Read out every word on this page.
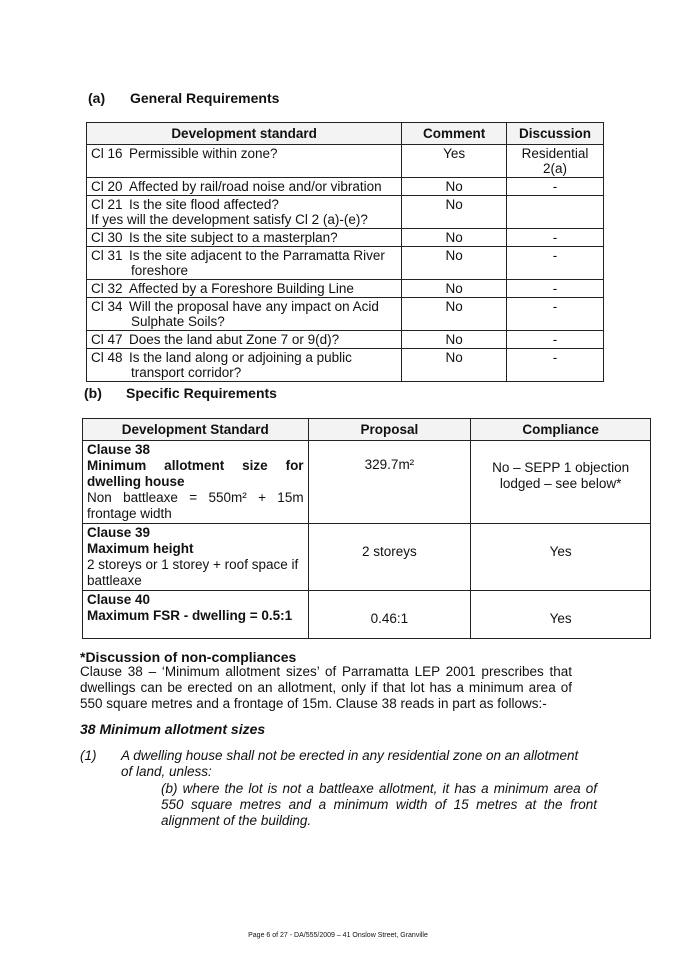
(a) General Requirements
Development standard	Comment	Discussion
Cl 16 Permissible within zone?	Yes	Residential 2(a)
Cl 20 Affected by rail/road noise and/or vibration	No	-
Cl 21 Is the site flood affected?
If yes will the development satisfy Cl 2 (a)-(e)?	No	
Cl 30 Is the site subject to a masterplan?	No	-
Cl 31 Is the site adjacent to the Parramatta River
foreshore	No	-
Cl 32 Affected by a Foreshore Building Line	No	-
Cl 34 Will the proposal have any impact on Acid
Sulphate Soils?	No	-
Cl 47 Does the land abut Zone 7 or 9(d)?	No	-
Cl 48 Is the land along or adjoining a public
transport corridor?	No	-
(b) Specific Requirements
Development Standard	Proposal	Compliance

Clause 38
Minimum allotment size for
dwelling house
Non battleaxe = 550m² + 15m
frontage width	329.7m²	No – SEPP 1 objection lodged – see below*

Clause 39
Maximum height
2 storeys or 1 storey + roof space if
battleaxe	2 storeys	Yes

Clause 40
Maximum FSR - dwelling = 0.5:1	0.46:1	Yes
*Discussion of non-compliances

Clause 38 – ‘Minimum allotment sizes’ of Parramatta LEP 2001 prescribes that dwellings can be erected on an allotment, only if that lot has a minimum area of 550 square metres and a frontage of 15m. Clause 38 reads in part as follows:-

38 Minimum allotment sizes
(1) A dwelling house shall not be erected in any residential zone on an allotment of land, unless:

(b) where the lot is not a battleaxe allotment, it has a minimum area of 550 square metres and a minimum width of 15 metres at the front alignment of the building.

Page 6 of 27 - DA/555/2009 – 41 Onslow Street, Granville
